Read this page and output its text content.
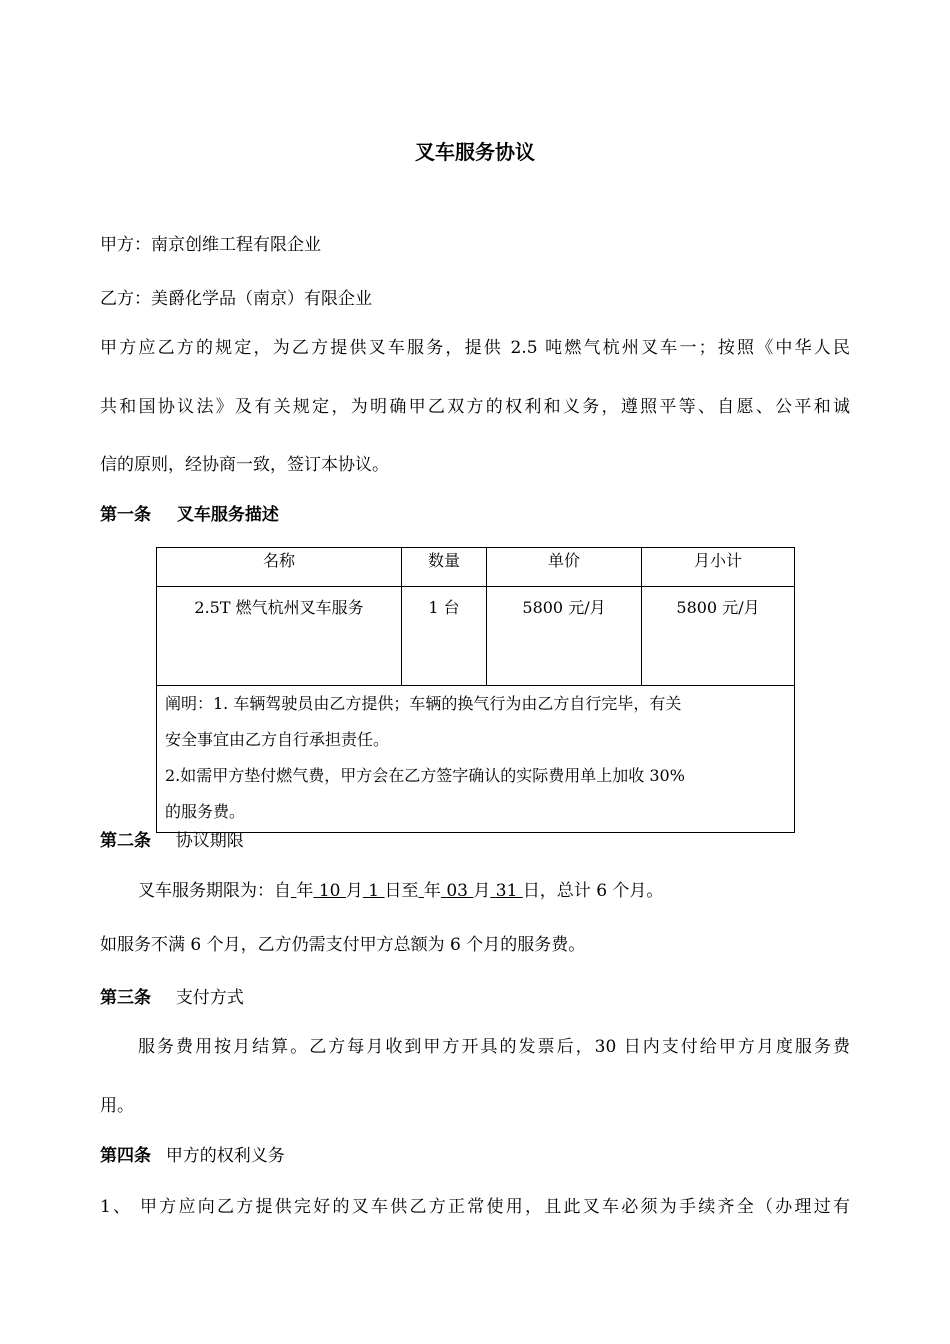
叉车服务协议
甲方：南京创维工程有限企业
乙方：美爵化学品（南京）有限企业
甲方应乙方的规定，为乙方提供叉车服务，提供 2.5 吨燃气杭州叉车一；按照《中华人民
共和国协议法》及有关规定，为明确甲乙双方的权利和义务，遵照平等、自愿、公平和诚
信的原则，经协商一致，签订本协议。
第一条 叉车服务描述
名称	数量	单价	月小计
2.5T 燃气杭州叉车服务	1 台	5800 元/月	5800 元/月

阐明：1. 车辆驾驶员由乙方提供；车辆的换气行为由乙方自行完毕，有关
安全事宜由乙方自行承担责任。
2.如需甲方垫付燃气费，甲方会在乙方签字确认的实际费用单上加收 30%
的服务费。			
第二条 协议期限
叉车服务期限为：自 年 10 月 1 日至 年 03 月 31 日，总计 6 个月。
如服务不满 6 个月，乙方仍需支付甲方总额为 6 个月的服务费。
第三条 支付方式
服务费用按月结算。乙方每月收到甲方开具的发票后，30 日内支付给甲方月度服务费
用。
第四条 甲方的权利义务
1、 甲方应向乙方提供完好的叉车供乙方正常使用，且此叉车必须为手续齐全（办理过有
